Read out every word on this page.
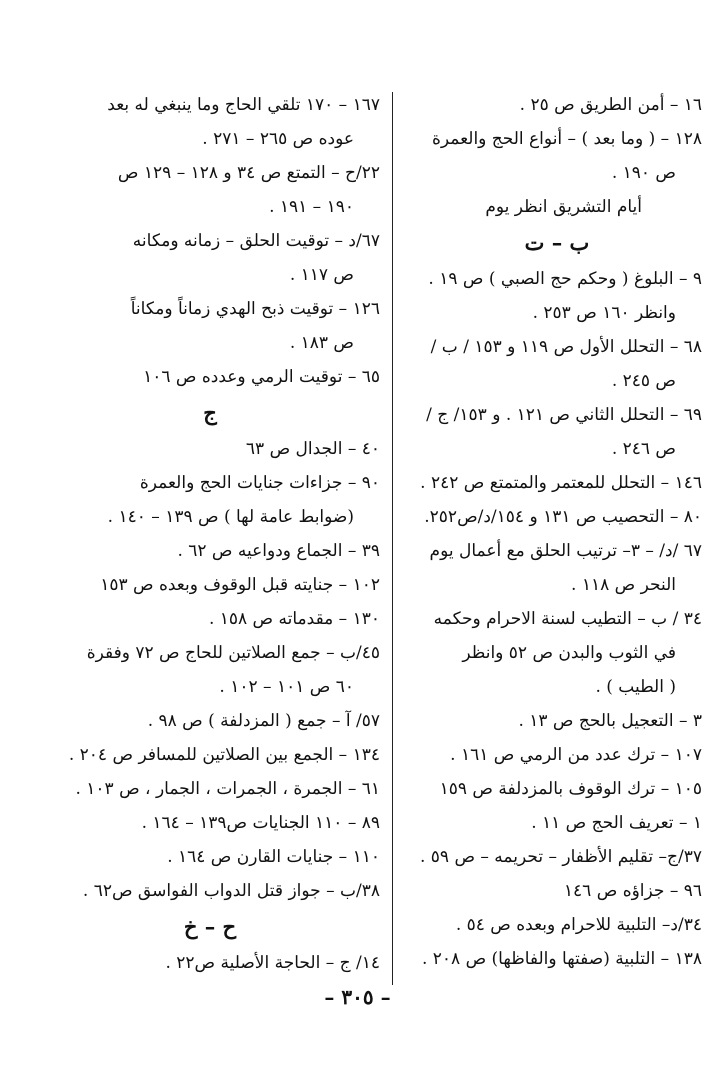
١٦ – أمن الطريق ص ٢٥ .
١٢٨ – ( وما بعد ) – أنواع الحج والعمرة
ص ١٩٠ .
أيام التشريق انظر يوم
ب – ت
٩ – البلوغ ( وحكم حج الصبي ) ص ١٩ .
وانظر ١٦٠ ص ٢٥٣ .
٦٨ – التحلل الأول ص ١١٩ و ١٥٣ / ب /
ص ٢٤٥ .
٦٩ – التحلل الثاني ص ١٢١ . و ١٥٣/ ج /
ص ٢٤٦ .
١٤٦ – التحلل للمعتمر والمتمتع ص ٢٤٢ .
٨٠ – التحصيب ص ١٣١ و ١٥٤/د/ص٢٥٢.
٦٧ /د/ – ٣– ترتيب الحلق مع أعمال يوم
النحر ص ١١٨ .
٣٤ / ب – التطيب لسنة الاحرام وحكمه
في الثوب والبدن ص ٥٢ وانظر
( الطيب ) .
٣ – التعجيل بالحج ص ١٣ .
١٠٧ – ترك عدد من الرمي ص ١٦١ .
١٠٥ – ترك الوقوف بالمزدلفة ص ١٥٩
١ – تعريف الحج ص ١١ .
٣٧/ج– تقليم الأظفار – تحريمه – ص ٥٩ .
٩٦ – جزاؤه ص ١٤٦
٣٤/د– التلبية للاحرام وبعده ص ٥٤ .
١٣٨ – التلبية (صفتها والفاظها) ص ٢٠٨ .
١٦٧ – ١٧٠ تلقي الحاج وما ينبغي له بعد
عوده ص ٢٦٥ – ٢٧١ .
٢٢/ح – التمتع ص ٣٤ و ١٢٨ – ١٢٩ ص
١٩٠ – ١٩١ .
٦٧/د – توقيت الحلق – زمانه ومكانه
ص ١١٧ .
١٢٦ – توقيت ذبح الهدي زماناً ومكاناً
ص ١٨٣ .
٦٥ – توقيت الرمي وعدده ص ١٠٦
ج
٤٠ – الجدال ص ٦٣
٩٠ – جزاءات جنايات الحج والعمرة
(ضوابط عامة لها ) ص ١٣٩ – ١٤٠ .
٣٩ – الجماع ودواعيه ص ٦٢ .
١٠٢ – جنايته قبل الوقوف وبعده ص ١٥٣
١٣٠ – مقدماته ص ١٥٨ .
٤٥/ب – جمع الصلاتين للحاج ص ٧٢ وفقرة
٦٠ ص ١٠١ – ١٠٢ .
٥٧/ آ – جمع ( المزدلفة ) ص ٩٨ .
١٣٤ – الجمع بين الصلاتين للمسافر ص ٢٠٤ .
٦١ – الجمرة ، الجمرات ، الجمار ، ص ١٠٣ .
٨٩ – ١١٠ الجنايات ص١٣٩ – ١٦٤ .
١١٠ – جنايات القارن ص ١٦٤ .
٣٨/ب – جواز قتل الدواب الفواسق ص٦٢ .
ح – خ
١٤/ ج – الحاجة الأصلية ص٢٢ .
– ٣٠٥ –
